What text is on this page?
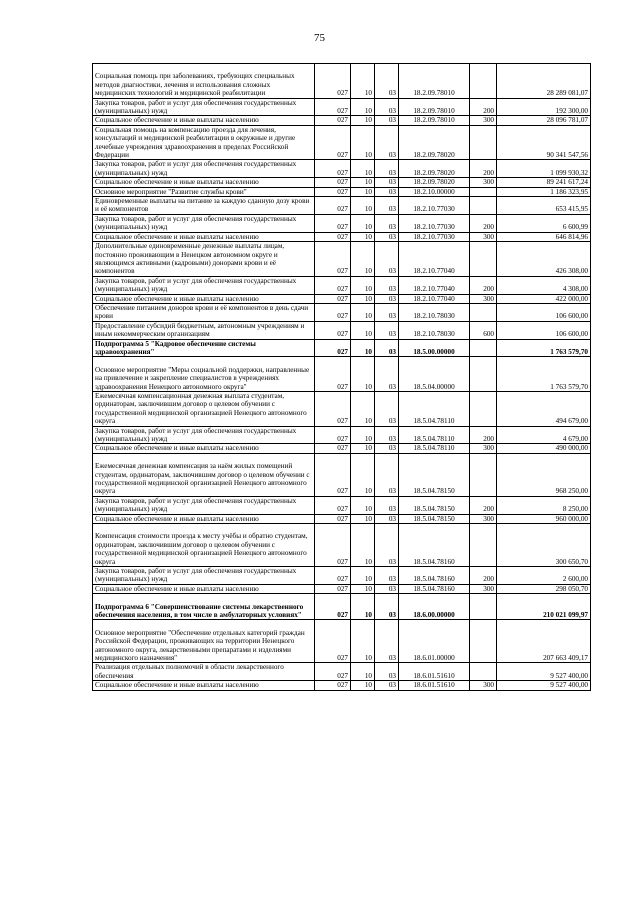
75
Социальная помощь при заболеваниях, требующих специальных методов диагностики, лечения и использования сложных медицинских технологий и медицинской реабилитации	027	10	03	18.2.09.78010		28 289 081,07
Закупка товаров, работ и услуг для обеспечения государственных (муниципальных) нужд	027	10	03	18.2.09.78010	200	192 300,00
Социальное обеспечение и иные выплаты населению	027	10	03	18.2.09.78010	300	28 096 781,07
Социальная помощь на компенсацию проезда для лечения, консультаций и медицинской реабилитации в окружные и другие лечебные учреждения здравоохранения в пределах Российской Федерации	027	10	03	18.2.09.78020		90 341 547,56
Закупка товаров, работ и услуг для обеспечения государственных (муниципальных) нужд	027	10	03	18.2.09.78020	200	1 099 930,32
Социальное обеспечение и иные выплаты населению	027	10	03	18.2.09.78020	300	89 241 617,24
Основное мероприятие "Развитие службы крови"	027	10	03	18.2.10.00000		1 186 323,95
Единовременные выплаты на питание за каждую сданную дозу крови и её компонентов	027	10	03	18.2.10.77030		653 415,95
Закупка товаров, работ и услуг для обеспечения государственных (муниципальных) нужд	027	10	03	18.2.10.77030	200	6 600,99
Социальное обеспечение и иные выплаты населению	027	10	03	18.2.10.77030	300	646 814,96
Дополнительные единовременные денежные выплаты лицам, постоянно проживающим в Ненецком автономном округе и являющимся активными (кадровыми) донорами крови и её компонентов	027	10	03	18.2.10.77040		426 308,00
Закупка товаров, работ и услуг для обеспечения государственных (муниципальных) нужд	027	10	03	18.2.10.77040	200	4 308,00
Социальное обеспечение и иные выплаты населению	027	10	03	18.2.10.77040	300	422 000,00
Обеспечение питанием доноров крови и её компонентов в день сдачи крови	027	10	03	18.2.10.78030		106 600,00
Предоставление субсидий бюджетным, автономным учреждениям и иным некоммерческим организациям	027	10	03	18.2.10.78030	600	106 600,00
Подпрограмма 5 "Кадровое обеспечение системы здравоохранения"	027	10	03	18.5.00.00000		1 763 579,70
Основное мероприятие "Меры социальной поддержки, направленные на привлечение и закрепление специалистов в учреждениях здравоохранения Ненецкого автономного округа"	027	10	03	18.5.04.00000		1 763 579,70
Ежемесячная компенсационная денежная выплата студентам, ординаторам, заключившим договор о целевом обучении с государственной медицинской организацией Ненецкого автономного округа	027	10	03	18.5.04.78110		494 679,00
Закупка товаров, работ и услуг для обеспечения государственных (муниципальных) нужд	027	10	03	18.5.04.78110	200	4 679,00
Социальное обеспечение и иные выплаты населению	027	10	03	18.5.04.78110	300	490 000,00
Ежемесячная денежная компенсация за наём жилых помещений студентам, ординаторам, заключившим договор о целевом обучении с государственной медицинской организацией Ненецкого автономного округа	027	10	03	18.5.04.78150		968 250,00
Закупка товаров, работ и услуг для обеспечения государственных (муниципальных) нужд	027	10	03	18.5.04.78150	200	8 250,00
Социальное обеспечение и иные выплаты населению	027	10	03	18.5.04.78150	300	960 000,00
Компенсация стоимости проезда к месту учёбы и обратно студентам, ординаторам, заключившим договор о целевом обучении с государственной медицинской организацией Ненецкого автономного округа	027	10	03	18.5.04.78160		300 650,70
Закупка товаров, работ и услуг для обеспечения государственных (муниципальных) нужд	027	10	03	18.5.04.78160	200	2 600,00
Социальное обеспечение и иные выплаты населению	027	10	03	18.5.04.78160	300	298 050,70
Подпрограмма 6 "Совершенствование системы лекарственного обеспечения населения, в том числе в амбулаторных условиях"	027	10	03	18.6.00.00000		210 021 099,97
Основное мероприятие "Обеспечение отдельных категорий граждан Российской Федерации, проживающих на территории Ненецкого автономного округа, лекарственными препаратами и изделиями медицинского назначения"	027	10	03	18.6.01.00000		207 663 409,17
Реализация отдельных полномочий в области лекарственного обеспечения	027	10	03	18.6.01.51610		9 527 400,00
Социальное обеспечение и иные выплаты населению	027	10	03	18.6.01.51610	300	9 527 400,00
